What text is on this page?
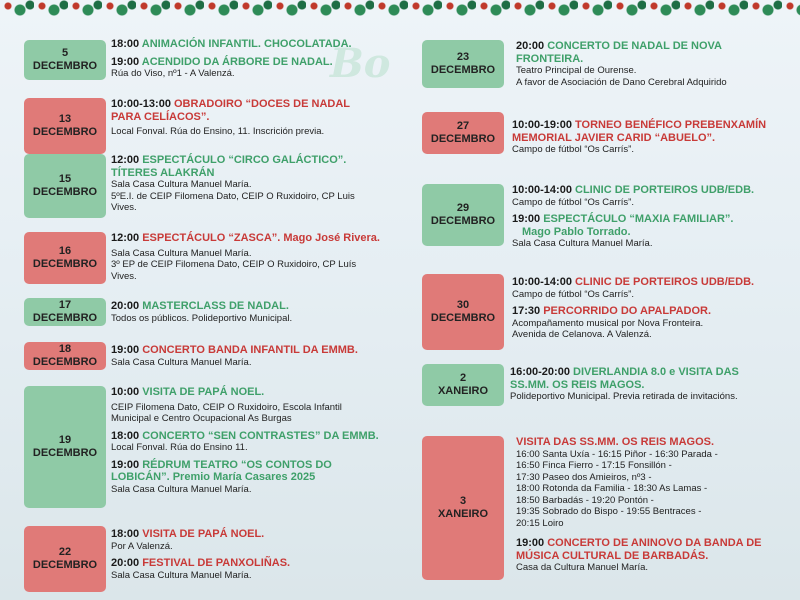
Bo
5
DECEMBRO
18:00 ANIMACIÓN INFANTIL. CHOCOLATADA.
19:00 ACENDIDO DA ÁRBORE DE NADAL.
Rúa do Viso, nº1 - A Valenzá.
13
DECEMBRO
10:00-13:00 OBRADOIRO “DOCES DE NADAL PARA CELÍACOS”.
Local Fonval. Rúa do Ensino, 11. Inscrición previa.
15
DECEMBRO
12:00 ESPECTÁCULO “CIRCO GALÁCTICO”.
TÍTERES ALAKRÁN
Sala Casa Cultura Manuel María.
5ºE.I. de CEIP Filomena Dato, CEIP O Ruxidoiro, CP Luis Vives.
16
DECEMBRO
12:00 ESPECTÁCULO “ZASCA”. Mago José Rivera.
Sala Casa Cultura Manuel María.
3º EP de CEIP Filomena Dato, CEIP O Ruxidoiro, CP Luís Vives.
17
DECEMBRO
20:00 MASTERCLASS DE NADAL.
Todos os públicos. Polideportivo Municipal.
18
DECEMBRO
19:00 CONCERTO BANDA INFANTIL DA EMMB.
Sala Casa Cultura Manuel María.
19
DECEMBRO
10:00 VISITA DE PAPÁ NOEL.
CEIP Filomena Dato, CEIP O Ruxidoiro, Escola Infantil Municipal e Centro Ocupacional As Burgas
18:00 CONCERTO “SEN CONTRASTES” DA EMMB.
Local Fonval. Rúa do Ensino 11.
19:00 RÉDRUM TEATRO “OS CONTOS DO LOBICÁN”. Premio María Casares 2025
Sala Casa Cultura Manuel María.
22
DECEMBRO
18:00 VISITA DE PAPÁ NOEL.
Por A Valenzá.
20:00 FESTIVAL DE PANXOLIÑAS.
Sala Casa Cultura Manuel María.
23
DECEMBRO
20:00 CONCERTO DE NADAL DE NOVA FRONTEIRA.
Teatro Principal de Ourense.
A favor de Asociación de Dano Cerebral Adquirido
27
DECEMBRO
10:00-19:00 TORNEO BENÉFICO PREBENXAMÍN MEMORIAL JAVIER CARID “ABUELO”.
Campo de fútbol “Os Carrís”.
29
DECEMBRO
10:00-14:00 CLINIC DE PORTEIROS UDB/EDB.
Campo de fútbol “Os Carrís”.
19:00 ESPECTÁCULO “MAXIA FAMILIAR”.
Mago Pablo Torrado.
Sala Casa Cultura Manuel María.
30
DECEMBRO
10:00-14:00 CLINIC DE PORTEIROS UDB/EDB.
Campo de fútbol “Os Carrís”.
17:30 PERCORRIDO DO APALPADOR.
Acompañamento musical por Nova Fronteira.
Avenida de Celanova. A Valenzá.
2
XANEIRO
16:00-20:00 DIVERLANDIA 8.0 e VISITA DAS SS.MM. OS REIS MAGOS.
Polideportivo Municipal. Previa retirada de invitacións.
3
XANEIRO
VISITA DAS SS.MM. OS REIS MAGOS.
16:00 Santa Uxía - 16:15 Piñor - 16:30 Parada -
16:50 Finca Fierro - 17:15 Fonsillón -
17:30 Paseo dos Amieiros, nº3 -
18:00 Rotonda da Familia - 18:30 As Lamas -
18:50 Barbadás - 19:20 Pontón -
19:35 Sobrado do Bispo - 19:55 Bentraces -
20:15 Loiro
19:00 CONCERTO DE ANINOVO DA BANDA DE MÚSICA CULTURAL DE BARBADÁS.
Casa da Cultura Manuel María.
